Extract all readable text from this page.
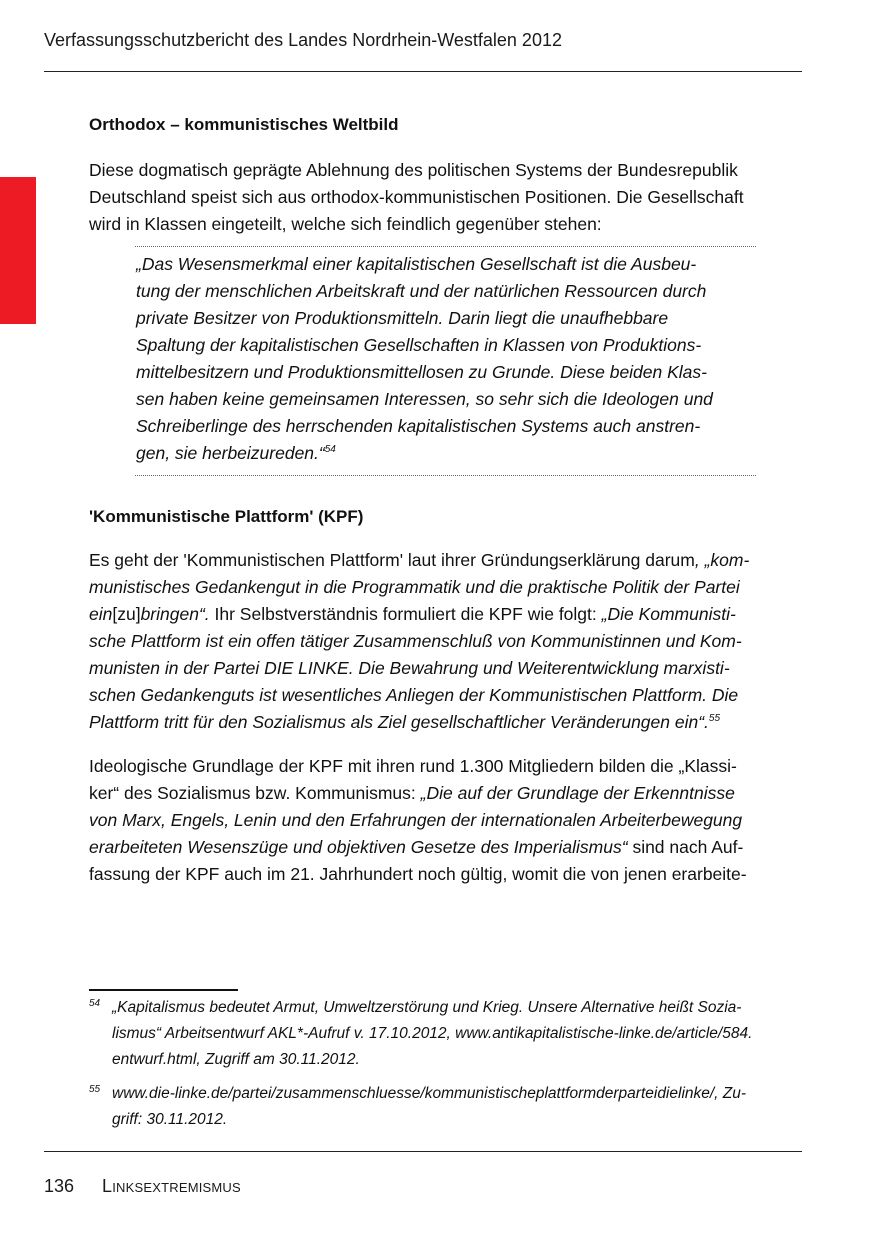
Verfassungsschutzbericht des Landes Nordrhein-Westfalen 2012
Orthodox – kommunistisches Weltbild

Diese dogmatisch geprägte Ablehnung des politischen Systems der Bundesrepublik
Deutschland speist sich aus orthodox-kommunistischen Positionen. Die Gesellschaft
wird in Klassen eingeteilt, welche sich feindlich gegenüber stehen:

„Das Wesensmerkmal einer kapitalistischen Gesellschaft ist die Ausbeu-
tung der menschlichen Arbeitskraft und der natürlichen Ressourcen durch
private Besitzer von Produktionsmitteln. Darin liegt die unaufhebbare
Spaltung der kapitalistischen Gesellschaften in Klassen von Produktions-
mittelbesitzern und Produktionsmittellosen zu Grunde. Diese beiden Klas-
sen haben keine gemeinsamen Interessen, so sehr sich die Ideologen und
Schreiberlinge des herrschenden kapitalistischen Systems auch anstren-
gen, sie herbeizureden.“$^{54}$
'Kommunistische Plattform' (KPF)

Es geht der 'Kommunistischen Plattform' laut ihrer Gründungserklärung darum, „kom-
munistisches Gedankengut in die Programmatik und die praktische Politik der Partei
ein[zu]bringen“. Ihr Selbstverständnis formuliert die KPF wie folgt: „Die Kommunisti-
sche Plattform ist ein offen tätiger Zusammenschluß von Kommunistinnen und Kom-
munisten in der Partei DIE LINKE. Die Bewahrung und Weiterentwicklung marxisti-
schen Gedankenguts ist wesentliches Anliegen der Kommunistischen Plattform. Die
Plattform tritt für den Sozialismus als Ziel gesellschaftlicher Veränderungen ein“.$^{55}$

Ideologische Grundlage der KPF mit ihren rund 1.300 Mitgliedern bilden die „Klassi-
ker“ des Sozialismus bzw. Kommunismus: „Die auf der Grundlage der Erkenntnisse
von Marx, Engels, Lenin und den Erfahrungen der internationalen Arbeiterbewegung
erarbeiteten Wesenszüge und objektiven Gesetze des Imperialismus“ sind nach Auf-
fassung der KPF auch im 21. Jahrhundert noch gültig, womit die von jenen erarbeite-

54 „Kapitalismus bedeutet Armut, Umweltzerstörung und Krieg. Unsere Alternative heißt Sozia-
lismus“ Arbeitsentwurf AKL*-Aufruf v. 17.10.2012, www.antikapitalistische-linke.de/article/584.
entwurf.html, Zugriff am 30.11.2012.
55 www.die-linke.de/partei/zusammenschluesse/kommunistischeplattformderparteidielinke/, Zu-
griff: 30.11.2012.
136 Linksextremismus
